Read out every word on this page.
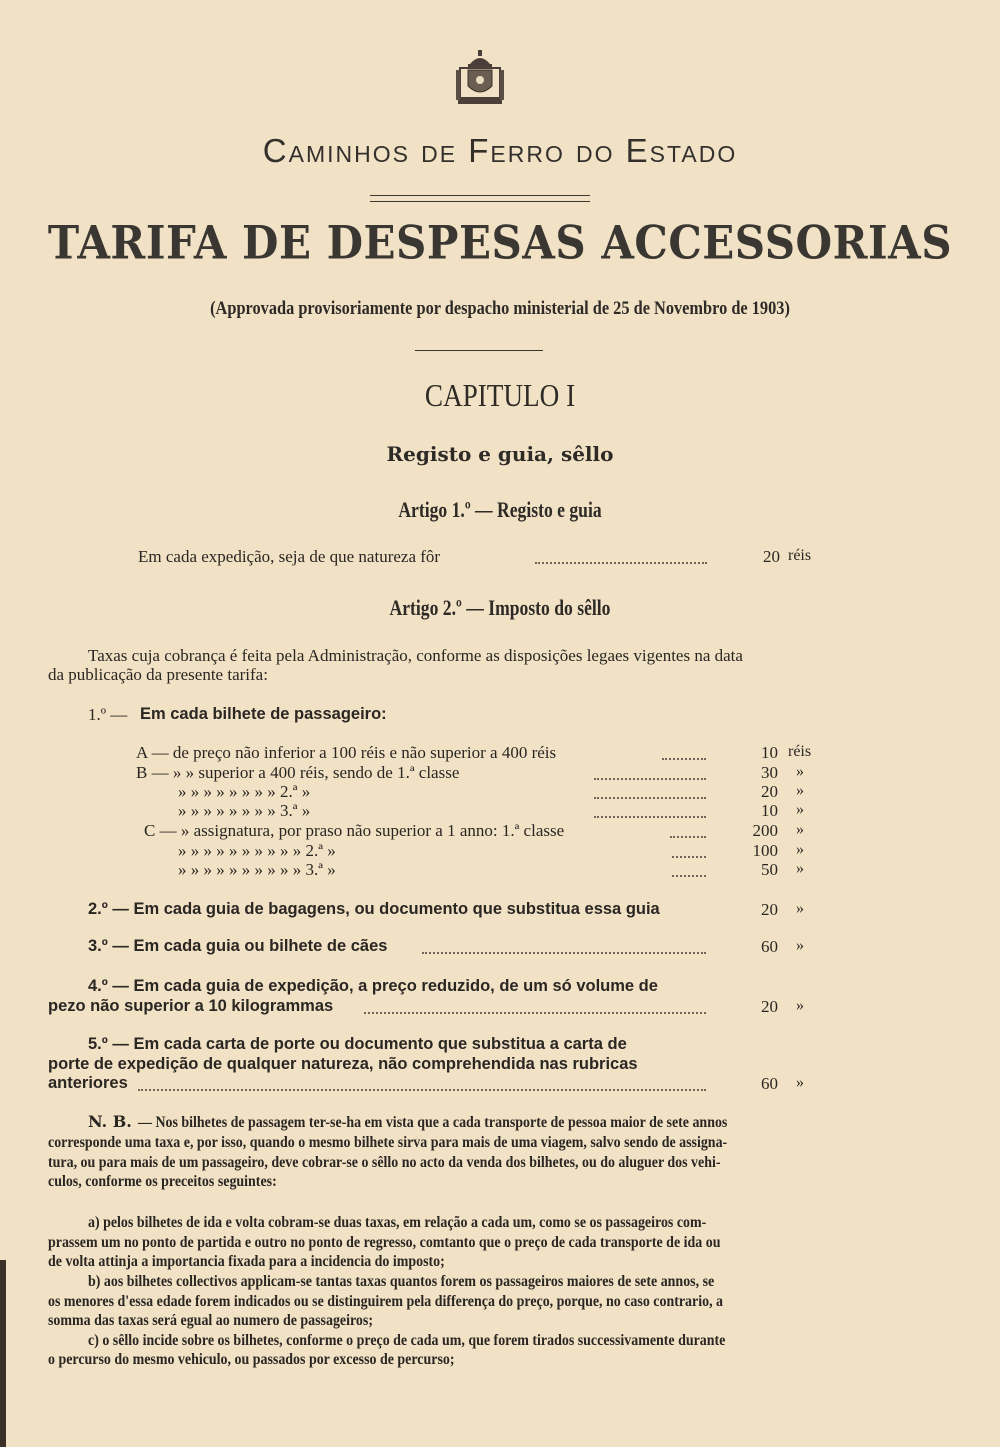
Caminhos de Ferro do Estado
TARIFA DE DESPESAS ACCESSORIAS
(Approvada provisoriamente por despacho ministerial de 25 de Novembro de 1903)
CAPITULO I
Registo e guia, sêllo
Artigo 1.º — Registo e guia
Em cada expedição, seja de que natureza fôr	20 réis
Artigo 2.º — Imposto do sêllo
Taxas cuja cobrança é feita pela Administração, conforme as disposições legaes vigentes na data
da publicação da presente tarifa:
1.º — Em cada bilhete de passageiro:
A — de preço não inferior a 100 réis e não superior a 400 réis	10 réis
B — » » superior a 400 réis, sendo de 1.ª classe	30 »
» » » » » » » » 2.ª »	20 »
» » » » » » » » 3.ª »	10 »
C — » assignatura, por praso não superior a 1 anno: 1.ª classe	200 »
» » » » » » » » » » 2.ª »	100 »
» » » » » » » » » » 3.ª »	50 »
2.º — Em cada guia de bagagens, ou documento que substitua essa guia	20 »
3.º — Em cada guia ou bilhete de cães	60 »
4.º — Em cada guia de expedição, a preço reduzido, de um só volume de
pezo não superior a 10 kilogrammas	20 »
5.º — Em cada carta de porte ou documento que substitua a carta de
porte de expedição de qualquer natureza, não comprehendida nas rubricas
anteriores	60 »
N. B. — Nos bilhetes de passagem ter-se-ha em vista que a cada transporte de pessoa maior de sete annos
corresponde uma taxa e, por isso, quando o mesmo bilhete sirva para mais de uma viagem, salvo sendo de assigna-
tura, ou para mais de um passageiro, deve cobrar-se o sêllo no acto da venda dos bilhetes, ou do aluguer dos vehi-
culos, conforme os preceitos seguintes:
a) pelos bilhetes de ida e volta cobram-se duas taxas, em relação a cada um, como se os passageiros com-
prassem um no ponto de partida e outro no ponto de regresso, comtanto que o preço de cada transporte de ida ou
de volta attinja a importancia fixada para a incidencia do imposto;
b) aos bilhetes collectivos applicam-se tantas taxas quantos forem os passageiros maiores de sete annos, se
os menores d'essa edade forem indicados ou se distinguirem pela differença do preço, porque, no caso contrario, a
somma das taxas será egual ao numero de passageiros;
c) o sêllo incide sobre os bilhetes, conforme o preço de cada um, que forem tirados successivamente durante
o percurso do mesmo vehiculo, ou passados por excesso de percurso;
